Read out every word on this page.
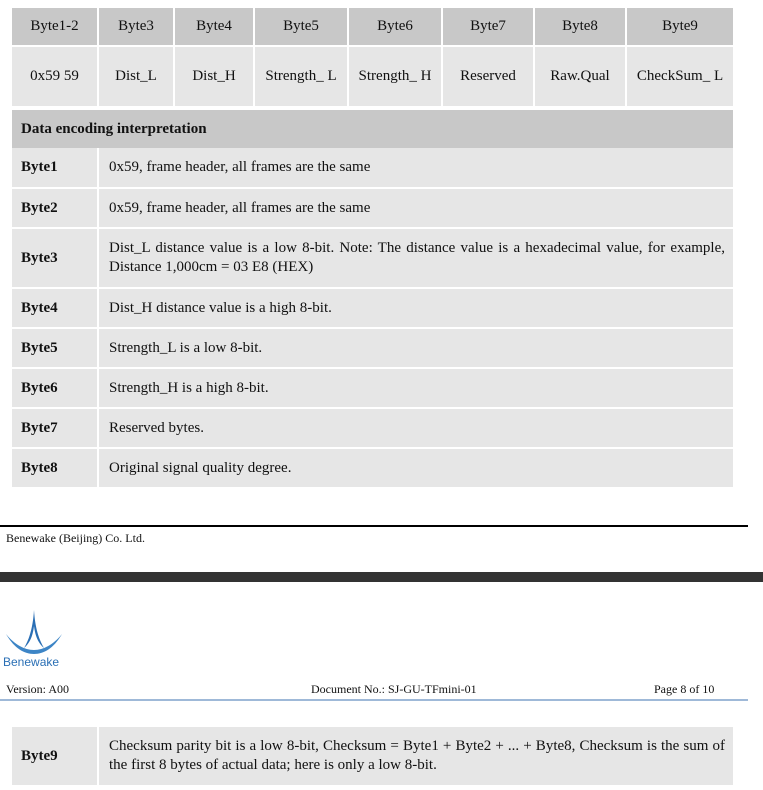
Byte1-2	Byte3	Byte4	Byte5	Byte6	Byte7	Byte8	Byte9
0x59 59	Dist_L	Dist_H	Strength_ L	Strength_ H	Reserved	Raw.Qual	CheckSum_ L
Data encoding interpretation
Byte1	0x59, frame header, all frames are the same
Byte2	0x59, frame header, all frames are the same
Byte3	Dist_L distance value is a low 8-bit. Note: The distance value is a hexadecimal value, for example, Distance 1,000cm = 03 E8 (HEX)
Byte4	Dist_H distance value is a high 8-bit.
Byte5	Strength_L is a low 8-bit.
Byte6	Strength_H is a high 8-bit.
Byte7	Reserved bytes.
Byte8	Original signal quality degree.
Benewake (Beijing) Co. Ltd.
Benewake
Version: A00	Document No.: SJ-GU-TFmini-01	Page 8 of 10
Byte9	Checksum parity bit is a low 8-bit, Checksum = Byte1 + Byte2 + ... + Byte8, Checksum is the sum of the first 8 bytes of actual data; here is only a low 8-bit.
